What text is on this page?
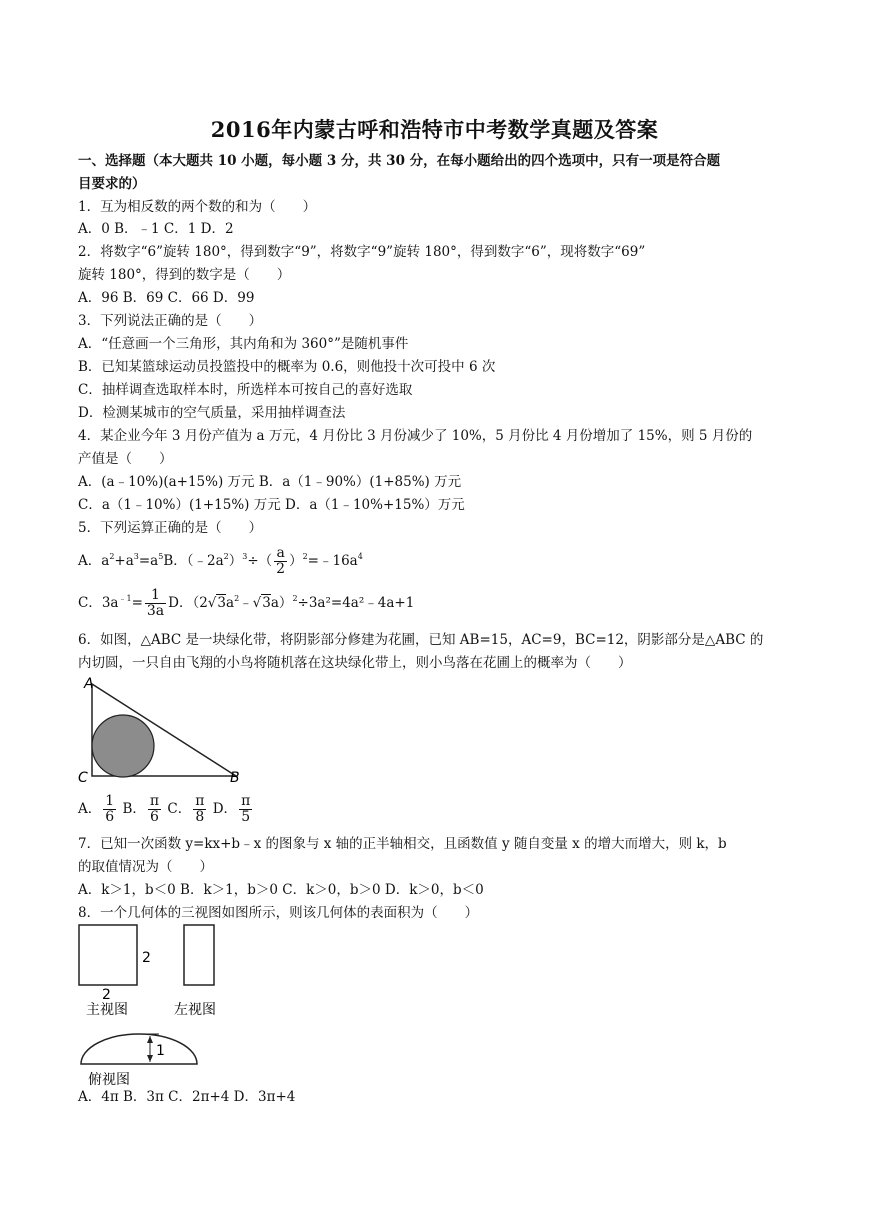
2016年内蒙古呼和浩特市中考数学真题及答案
一、选择题（本大题共 10 小题，每小题 3 分，共 30 分，在每小题给出的四个选项中，只有一项是符合题
目要求的）
1．互为相反数的两个数的和为（　　）
A．0 B．﹣1 C．1 D．2
2．将数字“6”旋转 180°，得到数字“9”，将数字“9”旋转 180°，得到数字“6”，现将数字“69”
旋转 180°，得到的数字是（　　）
A．96 B．69 C．66 D．99
3．下列说法正确的是（　　）
A．“任意画一个三角形，其内角和为 360°”是随机事件
B．已知某篮球运动员投篮投中的概率为 0.6，则他投十次可投中 6 次
C．抽样调查选取样本时，所选样本可按自己的喜好选取
D．检测某城市的空气质量，采用抽样调查法
4．某企业今年 3 月份产值为 a 万元，4 月份比 3 月份减少了 10%，5 月份比 4 月份增加了 15%，则 5 月份的
产值是（　　）
A．(a﹣10%)(a+15%) 万元 B．a（1﹣90%）(1+85%) 万元
C．a（1﹣10%）(1+15%) 万元 D．a（1﹣10%+15%）万元
5．下列运算正确的是（　　）
A．$a^2+a^3=a^5B$．$(﹣2a^2)^3\div( \frac{a}{2}$ ）$^2=﹣16a^4$
C．$3a^{﹣1}= \frac{1}{3a}$ D．$(2√3a^2﹣√3a)^2\div 3a^2=4a^2﹣4a+1$
6．如图，△ABC 是一块绿化带，将阴影部分修建为花圃，已知 AB=15，AC=9，BC=12，阴影部分是△ABC 的
内切圆，一只自由飞翔的小鸟将随机落在这块绿化带上，则小鸟落在花圃上的概率为（　　）
A
C	B
A． $\frac{1}{6}$ B． $\frac{\pi}{6}$ C． $\frac{\pi}{8}$ D． $\frac{\pi}{5}$
7．已知一次函数 y=kx+b﹣x 的图象与 x 轴的正半轴相交，且函数值 y 随自变量 x 的增大而增大，则 k，b
的取值情况为（　　）
A．k＞1，b＜0 B．k＞1，b＞0 C．k＞0，b＞0 D．k＞0，b＜0
8．一个几何体的三视图如图所示，则该几何体的表面积为（　　）
2
2
主视图	左视图
1
俯视图
A．4π B．3π C．2π+4 D．3π+4
